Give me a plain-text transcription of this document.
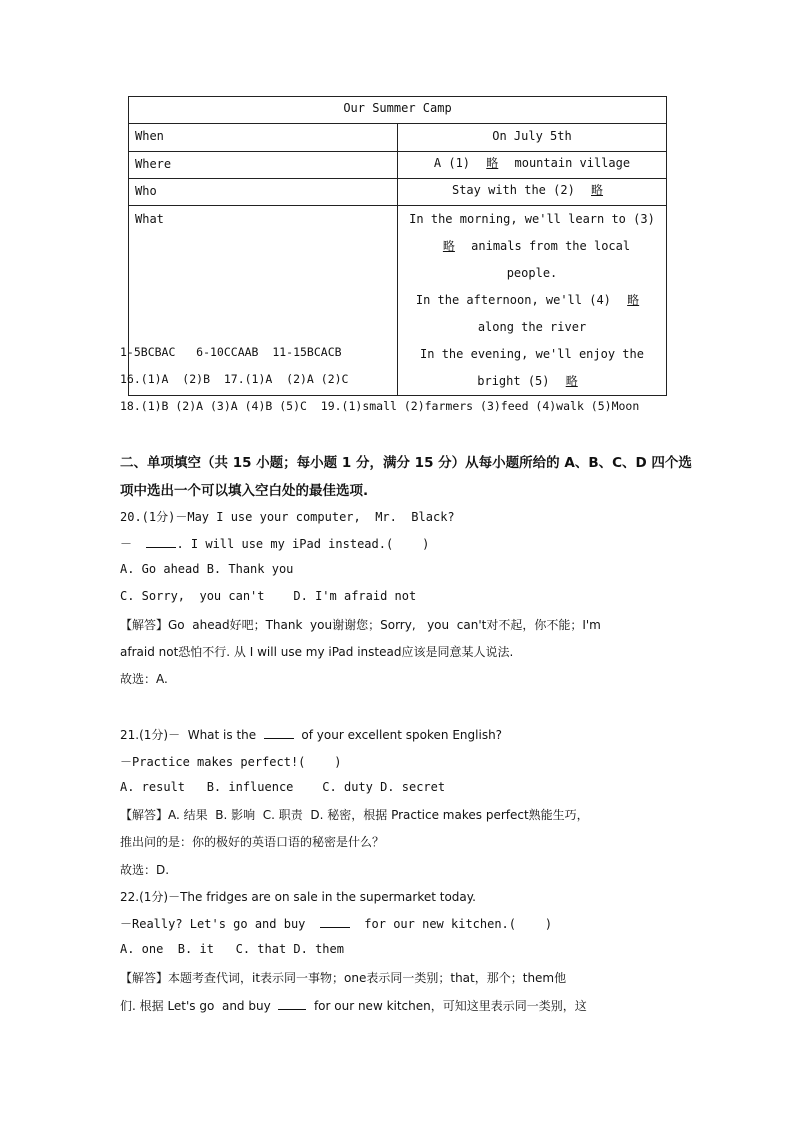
Our Summer Camp	
When	On July 5th
Where	A (1) 略 mountain village
Who	Stay with the (2) 略
What	In the morning, we'll learn to (3) 略 animals from the local
people.
In the afternoon, we'll (4) 略along the river
In the evening, we'll enjoy the bright (5) 略
1-5BCBAC   6-10CCAAB  11-15BCACB
16.(1)A  (2)B  17.(1)A  (2)A (2)C
18.(1)B (2)A (3)A (4)B (5)C  19.(1)small (2)farmers (3)feed (4)walk (5)Moon
二、单项填空（共 15 小题；每小题 1 分，满分 15 分）从每小题所给的 A、B、C、D 四个选
项中选出一个可以填入空白处的最佳选项.
20.(1分)－May I use your computer,  Mr.  Black?
－	. I will use my iPad instead.(    )
A. Go ahead B. Thank you
C. Sorry,  you can't    D. I'm afraid not
【解答】Go  ahead好吧；Thank  you谢谢您；Sorry,   you  can't对不起，你不能；I'm
afraid not恐怕不行. 从 I will use my iPad instead应该是同意某人说法.
故选：A.
21.(1分)－  What is the	of your excellent spoken English?
－Practice makes perfect!(    )
A. result   B. influence    C. duty D. secret
【解答】A. 结果  B. 影响  C. 职责  D. 秘密，根据 Practice makes perfect熟能生巧，
推出问的是：你的极好的英语口语的秘密是什么？
故选：D.
22.(1分)－The fridges are on sale in the supermarket today.
－Really? Let's go and buy	for our new kitchen.(    )
A. one  B. it   C. that D. them
【解答】本题考查代词，it表示同一事物；one表示同一类别；that，那个；them他
们. 根据 Let's go  and buy    for our new kitchen，可知这里表示同一类别，这
